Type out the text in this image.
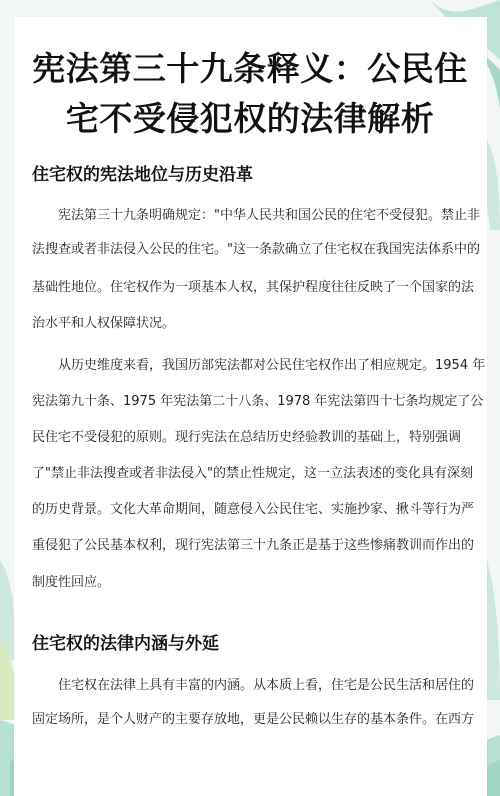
宪法第三十九条释义：公民住
宅不受侵犯权的法律解析
住宅权的宪法地位与历史沿革

宪法第三十九条明确规定："中华人民共和国公民的住宅不受侵犯。禁止非

法搜查或者非法侵入公民的住宅。"这一条款确立了住宅权在我国宪法体系中的

基础性地位。住宅权作为一项基本人权，其保护程度往往反映了一个国家的法

治水平和人权保障状况。

从历史维度来看，我国历部宪法都对公民住宅权作出了相应规定。1954 年

宪法第九十条、1975 年宪法第二十八条、1978 年宪法第四十七条均规定了公

民住宅不受侵犯的原则。现行宪法在总结历史经验教训的基础上，特别强调

了"禁止非法搜查或者非法侵入"的禁止性规定，这一立法表述的变化具有深刻

的历史背景。文化大革命期间，随意侵入公民住宅、实施抄家、揪斗等行为严

重侵犯了公民基本权利，现行宪法第三十九条正是基于这些惨痛教训而作出的

制度性回应。

住宅权的法律内涵与外延

住宅权在法律上具有丰富的内涵。从本质上看，住宅是公民生活和居住的

固定场所，是个人财产的主要存放地，更是公民赖以生存的基本条件。在西方
